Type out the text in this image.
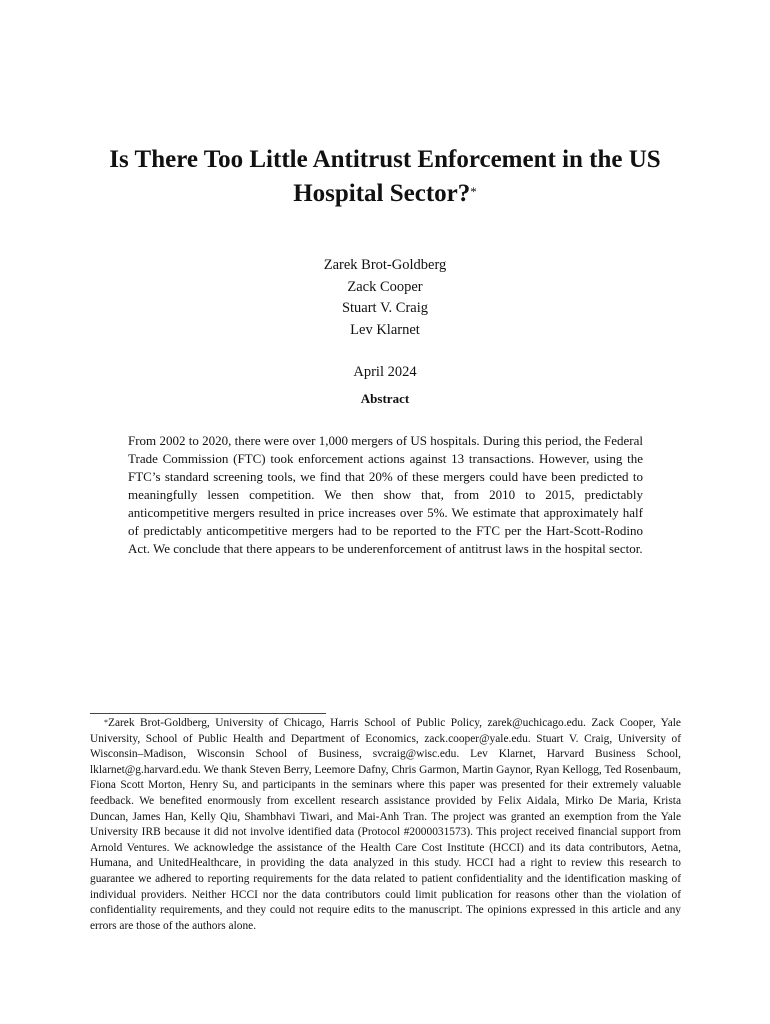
Is There Too Little Antitrust Enforcement in the US Hospital Sector?*
Zarek Brot-Goldberg
Zack Cooper
Stuart V. Craig
Lev Klarnet
April 2024
Abstract
From 2002 to 2020, there were over 1,000 mergers of US hospitals. During this period, the Federal Trade Commission (FTC) took enforcement actions against 13 transactions. However, using the FTC’s standard screening tools, we find that 20% of these mergers could have been predicted to meaningfully lessen competition. We then show that, from 2010 to 2015, predictably anticompetitive mergers resulted in price increases over 5%. We estimate that approximately half of predictably anticompetitive mergers had to be reported to the FTC per the Hart-Scott-Rodino Act. We conclude that there appears to be underenforcement of antitrust laws in the hospital sector.
*Zarek Brot-Goldberg, University of Chicago, Harris School of Public Policy, zarek@uchicago.edu. Zack Cooper, Yale University, School of Public Health and Department of Economics, zack.cooper@yale.edu. Stuart V. Craig, University of Wisconsin–Madison, Wisconsin School of Business, svcraig@wisc.edu. Lev Klarnet, Harvard Business School, lklarnet@g.harvard.edu. We thank Steven Berry, Leemore Dafny, Chris Garmon, Martin Gaynor, Ryan Kellogg, Ted Rosenbaum, Fiona Scott Morton, Henry Su, and participants in the seminars where this paper was presented for their extremely valuable feedback. We benefited enormously from excellent research assistance provided by Felix Aidala, Mirko De Maria, Krista Duncan, James Han, Kelly Qiu, Shambhavi Tiwari, and Mai-Anh Tran. The project was granted an exemption from the Yale University IRB because it did not involve identified data (Protocol #2000031573). This project received financial support from Arnold Ventures. We acknowledge the assistance of the Health Care Cost Institute (HCCI) and its data contributors, Aetna, Humana, and UnitedHealthcare, in providing the data analyzed in this study. HCCI had a right to review this research to guarantee we adhered to reporting requirements for the data related to patient confidentiality and the identification masking of individual providers. Neither HCCI nor the data contributors could limit publication for reasons other than the violation of confidentiality requirements, and they could not require edits to the manuscript. The opinions expressed in this article and any errors are those of the authors alone.
